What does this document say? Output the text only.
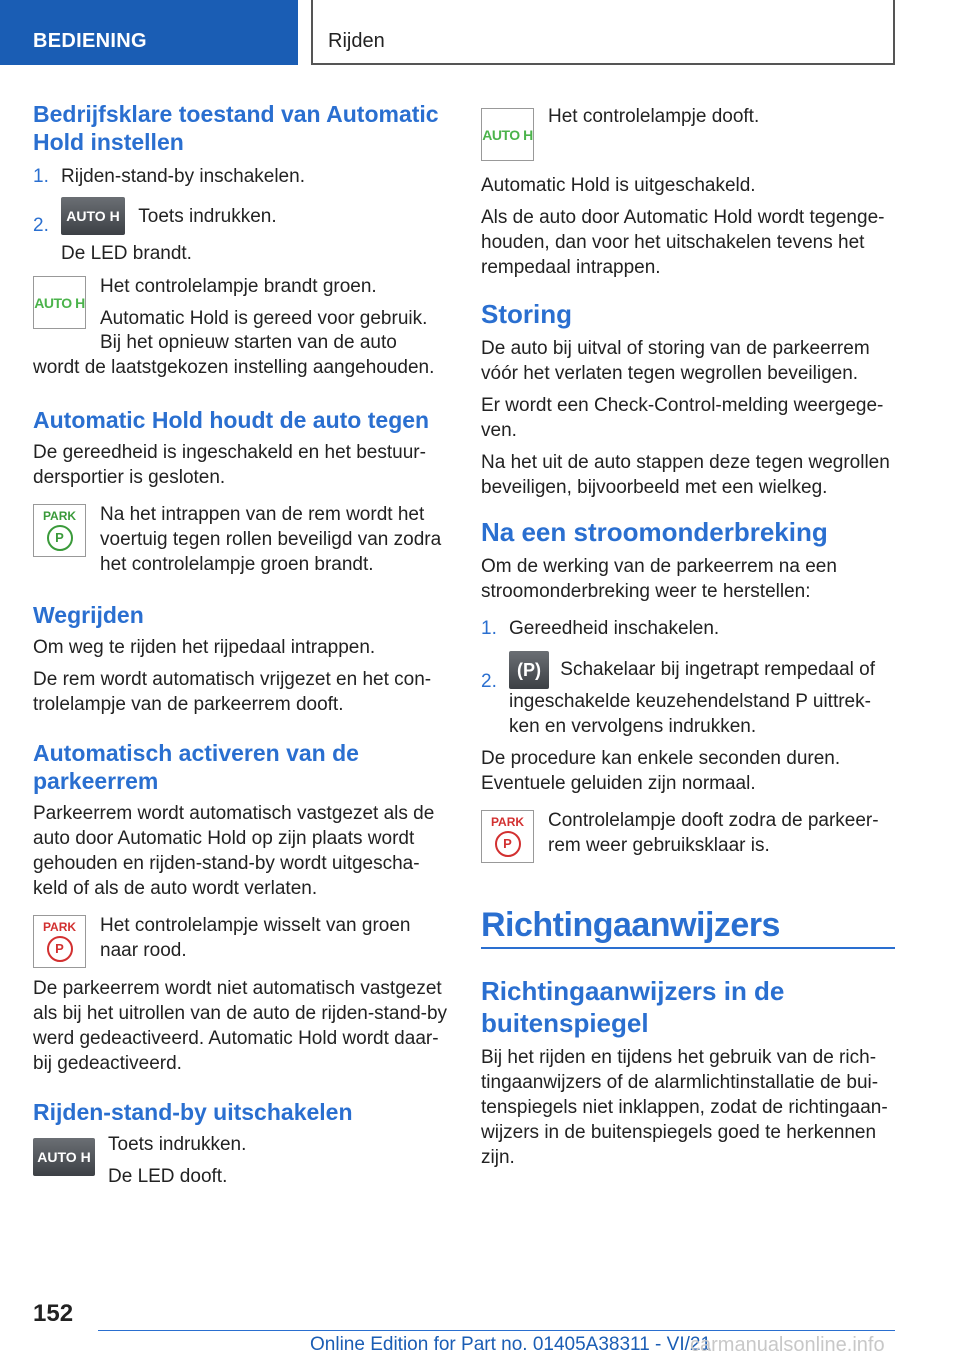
BEDIENING	Rijden
Bedrijfsklare toestand van Automatic Hold instellen
1. Rijden-stand-by inschakelen.
2. AUTO H Toets indrukken.
De LED brandt.
AUTO H

Het controlelampje brandt groen.

Automatic Hold is gereed voor gebruik.

Bij het opnieuw starten van de auto wordt de laatstgekozen instelling aangehouden.

Automatic Hold houdt de auto tegen

De gereedheid is ingeschakeld en het bestuurdersportier is gesloten.

PARK
P

Na het intrappen van de rem wordt het voertuig tegen rollen beveiligd van zodra het controlelampje groen brandt.

Wegrijden

Om weg te rijden het rijpedaal intrappen.

De rem wordt automatisch vrijgezet en het controlelampje van de parkeerrem dooft.

Automatisch activeren van de parkeerrem

Parkeerrem wordt automatisch vastgezet als de auto door Automatic Hold op zijn plaats wordt gehouden en rijden-stand-by wordt uitgeschakeld of als de auto wordt verlaten.

PARK
P

Het controlelampje wisselt van groen naar rood.

De parkeerrem wordt niet automatisch vastgezet als bij het uitrollen van de auto de rijden-stand-by werd gedeactiveerd. Automatic Hold wordt daarbij gedeactiveerd.

Rijden-stand-by uitschakelen
AUTO H

Toets indrukken.

De LED dooft.

AUTO H

Het controlelampje dooft.

Automatic Hold is uitgeschakeld.

Als de auto door Automatic Hold wordt tegengehouden, dan voor het uitschakelen tevens het rempedaal intrappen.

Storing

De auto bij uitval of storing van de parkeerrem vóór het verlaten tegen wegrollen beveiligen.

Er wordt een Check-Control-melding weergegeven.

Na het uit de auto stappen deze tegen wegrollen beveiligen, bijvoorbeeld met een wielkeg.

Na een stroomonderbreking

Om de werking van de parkeerrem na een stroomonderbreking weer te herstellen:

1. Gereedheid inschakelen.
2.
(P) Schakelaar bij ingetrapt rempedaal of ingeschakelde keuzehendelstand P uittrekken en vervolgens indrukken.

De procedure kan enkele seconden duren. Eventuele geluiden zijn normaal.

PARK
P

Controlelampje dooft zodra de parkeerrem weer gebruiksklaar is.

Richtingaanwijzers
Richtingaanwijzers in de buitenspiegel

Bij het rijden en tijdens het gebruik van de richtingaanwijzers of de alarmlichtinstallatie de buitenspiegels niet inklappen, zodat de richtingaanwijzers in de buitenspiegels goed te herkennen zijn.

152
Online Edition for Part no. 01405A38311 - VI/21
carmanualsonline.info
